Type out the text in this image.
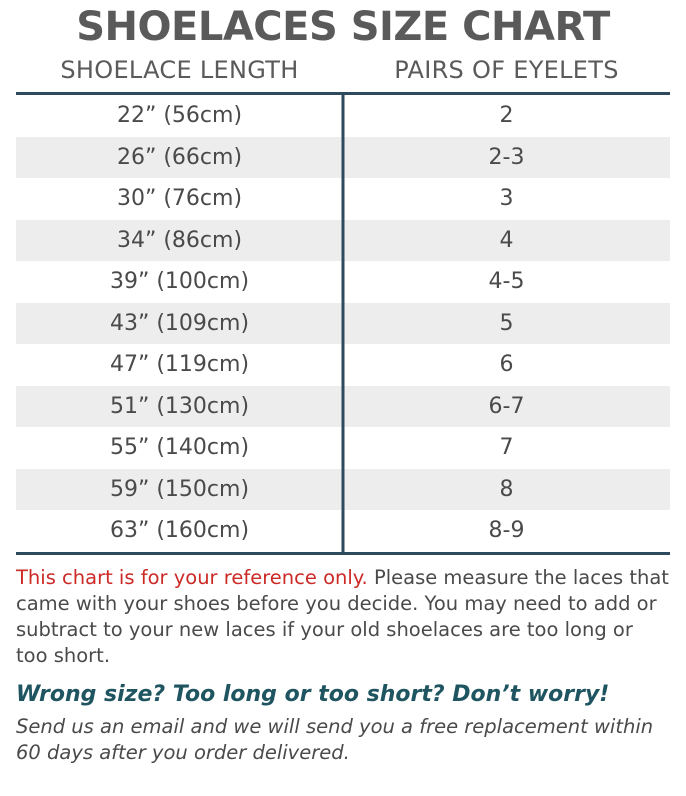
SHOELACES SIZE CHART
SHOELACE LENGTH	PAIRS OF EYELETS
22” (56cm)	2
26” (66cm)	2-3
30” (76cm)	3
34” (86cm)	4
39” (100cm)	4-5
43” (109cm)	5
47” (119cm)	6
51” (130cm)	6-7
55” (140cm)	7
59” (150cm)	8
63” (160cm)	8-9

This chart is for your reference only. Please measure the laces that came with your shoes before you decide. You may need to add or subtract to your new laces if your old shoelaces are too long or too short.

Wrong size? Too long or too short? Don’t worry!

Send us an email and we will send you a free replacement within 60 days after you order delivered.
